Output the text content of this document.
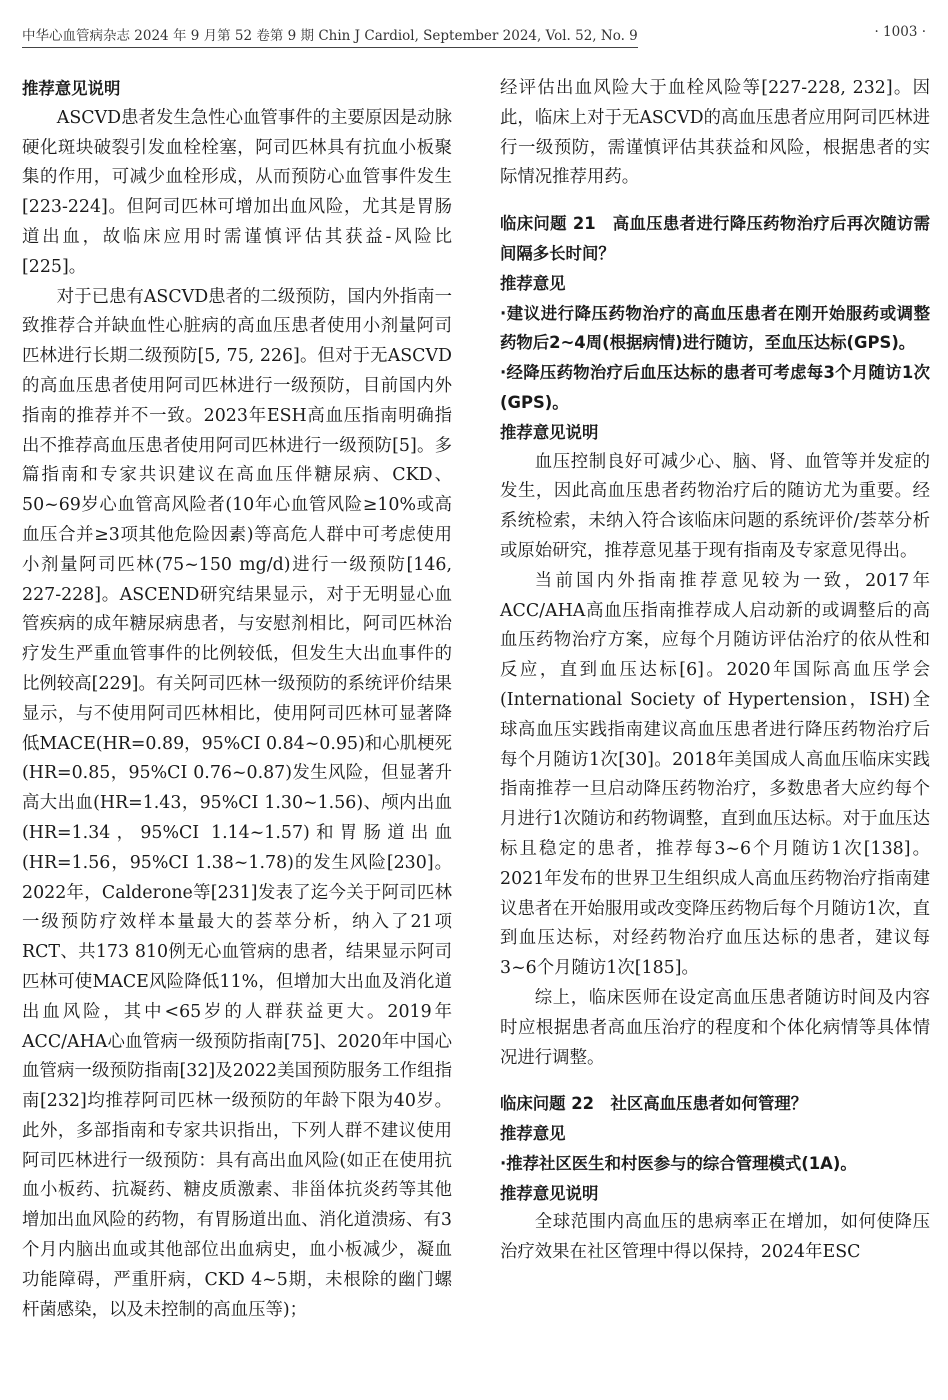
中华心血管病杂志 2024 年 9 月第 52 卷第 9 期 Chin J Cardiol, September 2024, Vol. 52, No. 9	· 1003 ·

推荐意见说明

ASCVD患者发生急性心血管事件的主要原因是动脉硬化斑块破裂引发血栓栓塞，阿司匹林具有抗血小板聚集的作用，可减少血栓形成，从而预防心血管事件发生[223-224]。但阿司匹林可增加出血风险，尤其是胃肠道出血，故临床应用时需谨慎评估其获益-风险比[225]。

对于已患有ASCVD患者的二级预防，国内外指南一致推荐合并缺血性心脏病的高血压患者使用小剂量阿司匹林进行长期二级预防[5, 75, 226]。但对于无ASCVD的高血压患者使用阿司匹林进行一级预防，目前国内外指南的推荐并不一致。2023年ESH高血压指南明确指出不推荐高血压患者使用阿司匹林进行一级预防[5]。多篇指南和专家共识建议在高血压伴糖尿病、CKD、50~69岁心血管高风险者(10年心血管风险≥10%或高血压合并≥3项其他危险因素)等高危人群中可考虑使用小剂量阿司匹林(75~150 mg/d)进行一级预防[146, 227-228]。ASCEND研究结果显示，对于无明显心血管疾病的成年糖尿病患者，与安慰剂相比，阿司匹林治疗发生严重血管事件的比例较低，但发生大出血事件的比例较高[229]。有关阿司匹林一级预防的系统评价结果显示，与不使用阿司匹林相比，使用阿司匹林可显著降低MACE(HR=0.89，95%CI 0.84~0.95)和心肌梗死(HR=0.85，95%CI 0.76~0.87)发生风险，但显著升高大出血(HR=1.43，95%CI 1.30~1.56)、颅内出血(HR=1.34，95%CI 1.14~1.57)和胃肠道出血(HR=1.56，95%CI 1.38~1.78)的发生风险[230]。2022年，Calderone等[231]发表了迄今关于阿司匹林一级预防疗效样本量最大的荟萃分析，纳入了21项RCT、共173 810例无心血管病的患者，结果显示阿司匹林可使MACE风险降低11%，但增加大出血及消化道出血风险，其中<65岁的人群获益更大。2019年ACC/AHA心血管病一级预防指南[75]、2020年中国心血管病一级预防指南[32]及2022美国预防服务工作组指南[232]均推荐阿司匹林一级预防的年龄下限为40岁。此外，多部指南和专家共识指出，下列人群不建议使用阿司匹林进行一级预防：具有高出血风险(如正在使用抗血小板药、抗凝药、糖皮质激素、非甾体抗炎药等其他增加出血风险的药物，有胃肠道出血、消化道溃疡、有3个月内脑出血或其他部位出血病史，血小板减少，凝血功能障碍，严重肝病，CKD 4~5期，未根除的幽门螺杆菌感染，以及未控制的高血压等)；

经评估出血风险大于血栓风险等[227-228, 232]。因此，临床上对于无ASCVD的高血压患者应用阿司匹林进行一级预防，需谨慎评估其获益和风险，根据患者的实际情况推荐用药。

临床问题 21　高血压患者进行降压药物治疗后再次随访需间隔多长时间？

推荐意见

·建议进行降压药物治疗的高血压患者在刚开始服药或调整药物后2~4周(根据病情)进行随访，至血压达标(GPS)。

·经降压药物治疗后血压达标的患者可考虑每3个月随访1次(GPS)。

推荐意见说明

血压控制良好可减少心、脑、肾、血管等并发症的发生，因此高血压患者药物治疗后的随访尤为重要。经系统检索，未纳入符合该临床问题的系统评价/荟萃分析或原始研究，推荐意见基于现有指南及专家意见得出。

当前国内外指南推荐意见较为一致，2017年ACC/AHA高血压指南推荐成人启动新的或调整后的高血压药物治疗方案，应每个月随访评估治疗的依从性和反应，直到血压达标[6]。2020年国际高血压学会(International Society of Hypertension，ISH)全球高血压实践指南建议高血压患者进行降压药物治疗后每个月随访1次[30]。2018年美国成人高血压临床实践指南推荐一旦启动降压药物治疗，多数患者大应约每个月进行1次随访和药物调整，直到血压达标。对于血压达标且稳定的患者，推荐每3~6个月随访1次[138]。2021年发布的世界卫生组织成人高血压药物治疗指南建议患者在开始服用或改变降压药物后每个月随访1次，直到血压达标，对经药物治疗血压达标的患者，建议每3~6个月随访1次[185]。

综上，临床医师在设定高血压患者随访时间及内容时应根据患者高血压治疗的程度和个体化病情等具体情况进行调整。

临床问题 22　社区高血压患者如何管理？

推荐意见

·推荐社区医生和村医参与的综合管理模式(1A)。

推荐意见说明

全球范围内高血压的患病率正在增加，如何使降压治疗效果在社区管理中得以保持，2024年ESC
